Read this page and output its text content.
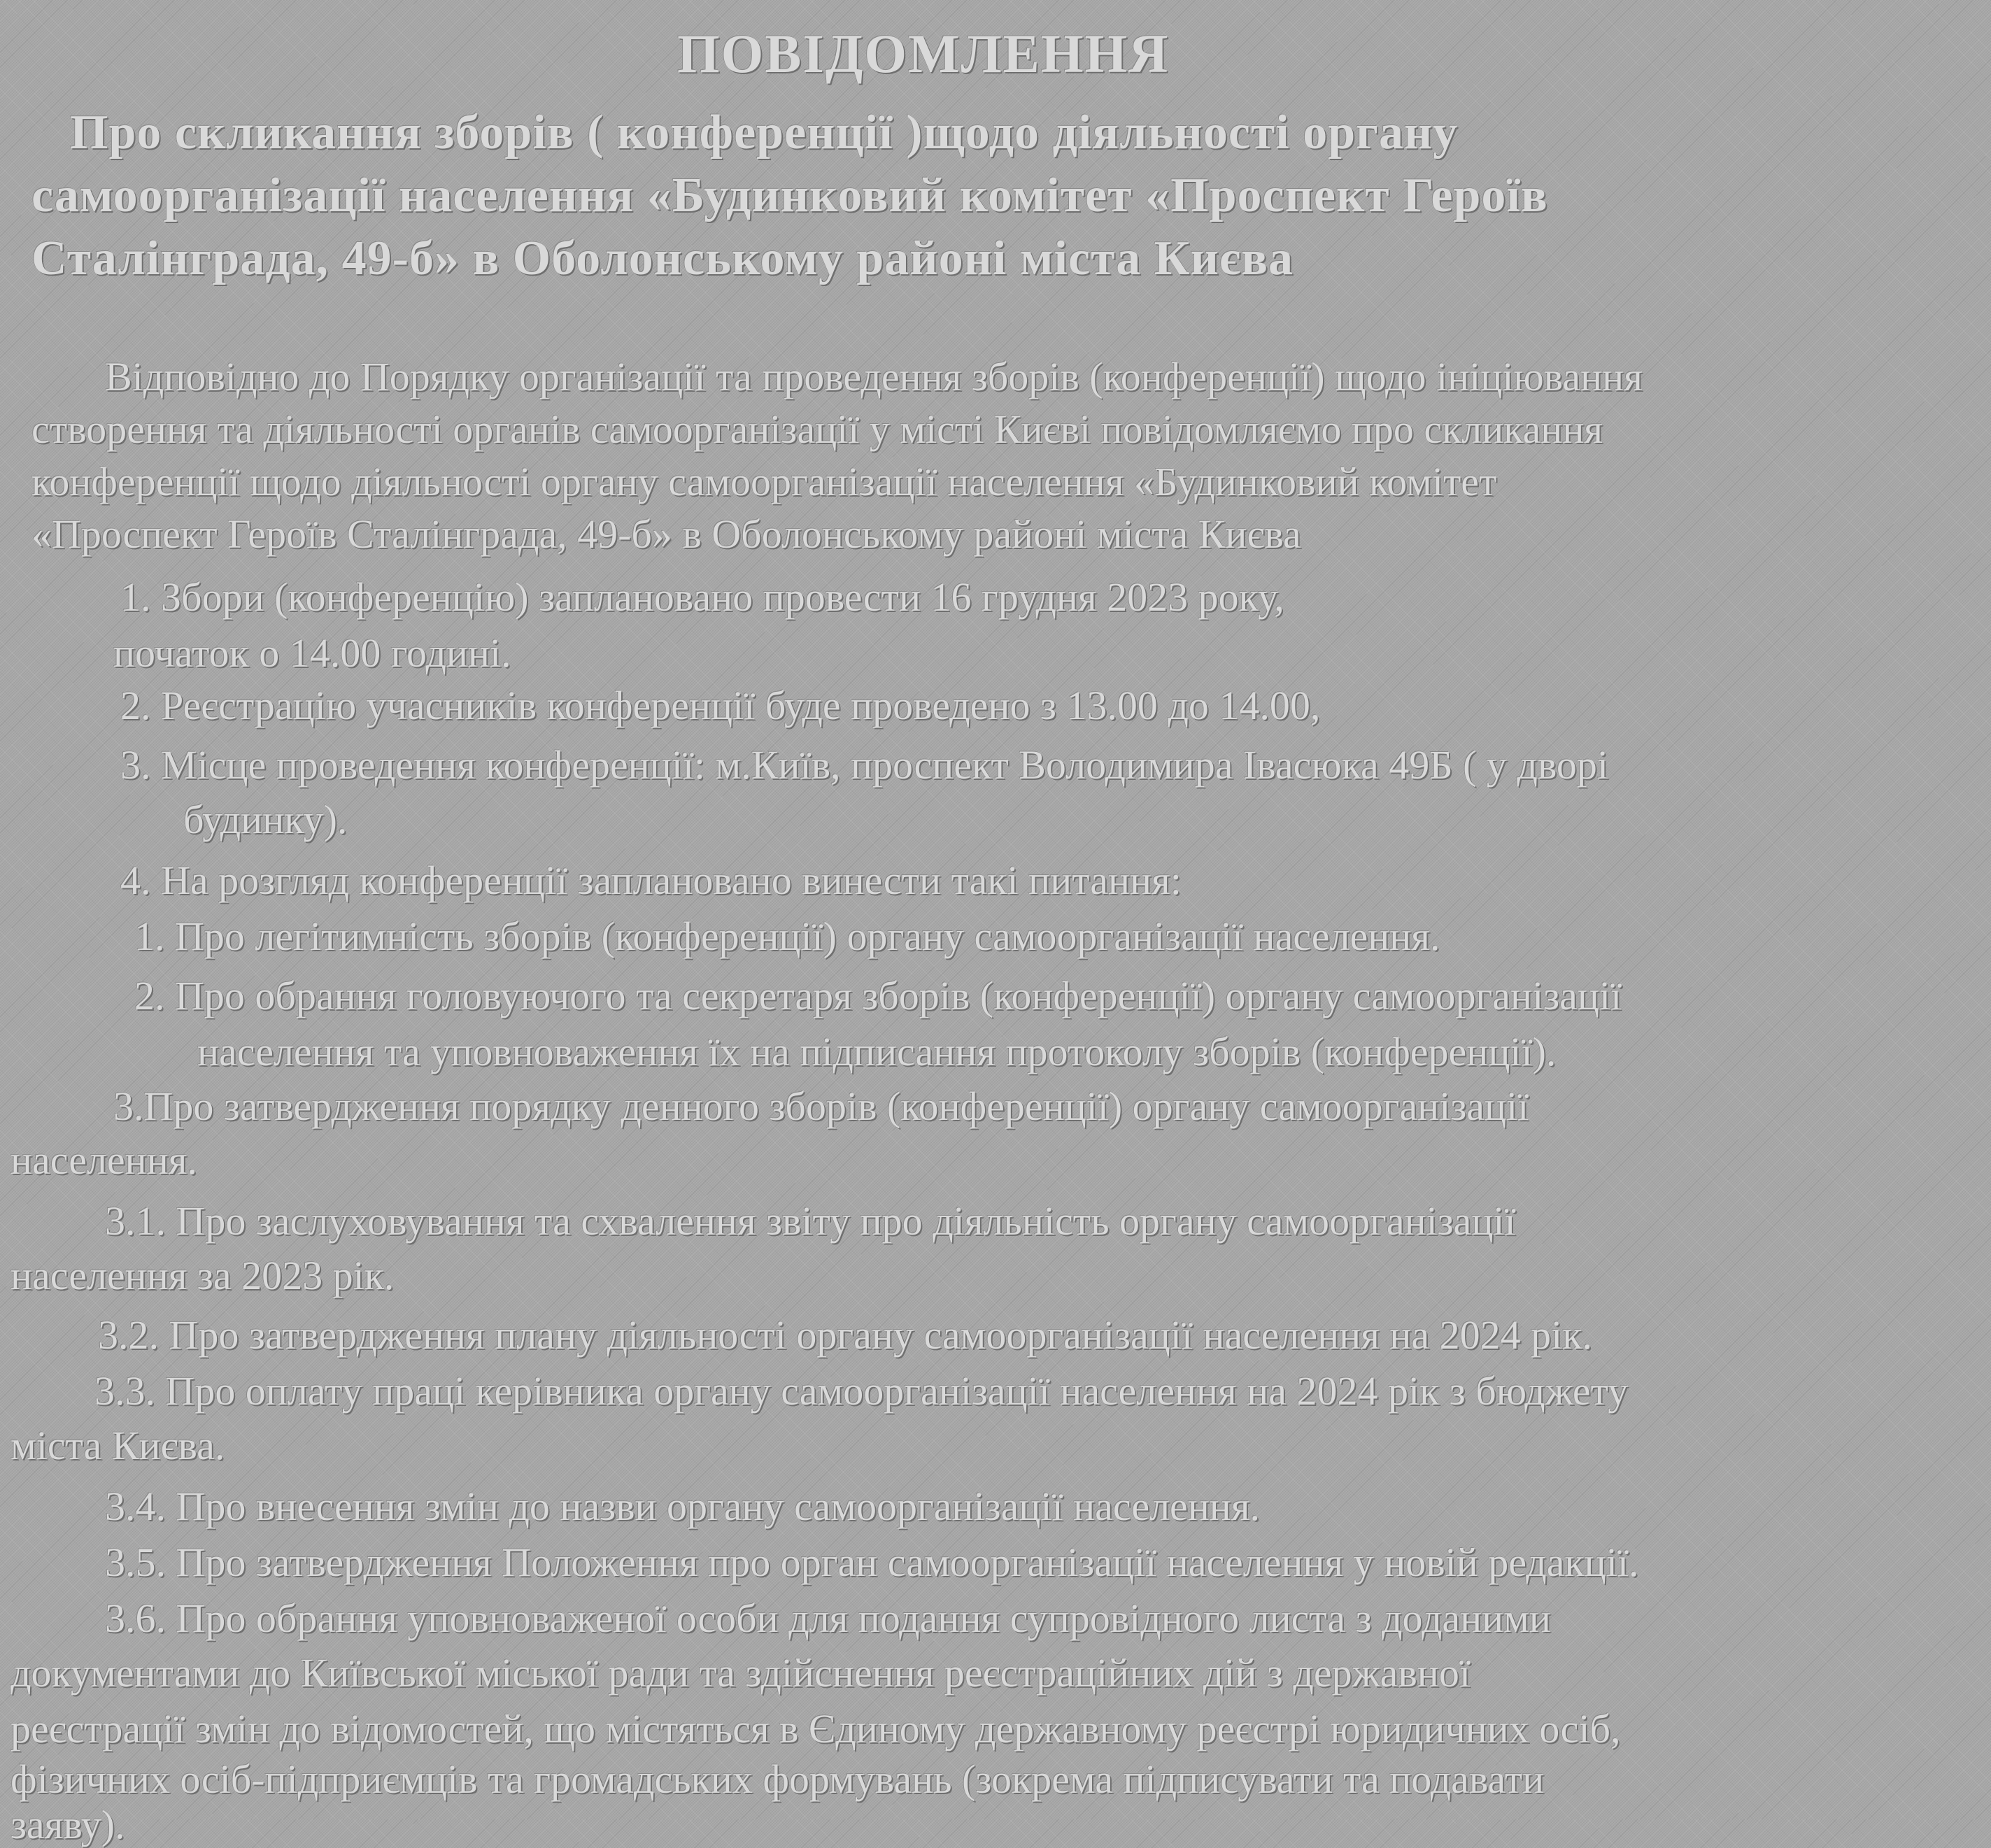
ПОВІДОМЛЕННЯ

Про скликання зборів ( конференції )щодо діяльності органу

самоорганізації населення «Будинковий комітет «Проспект Героїв

Сталінграда, 49-б» в Оболонському районі міста Києва

Відповідно до Порядку організації та проведення зборів (конференції) щодо ініціювання

створення та діяльності органів самоорганізації у місті Києві повідомляємо про скликання

конференції щодо діяльності органу самоорганізації населення «Будинковий комітет

«Проспект Героїв Сталінграда, 49-б» в Оболонському районі міста Києва

1. Збори (конференцію) заплановано провести 16 грудня 2023 року,

початок о 14.00 годині.

2. Реєстрацію учасників конференції буде проведено з 13.00 до 14.00,

3. Місце проведення конференції: м.Київ, проспект Володимира Івасюка 49Б ( у дворі

будинку).

4. На розгляд конференції заплановано винести такі питання:

1. Про легітимність зборів (конференції) органу самоорганізації населення.

2. Про обрання головуючого та секретаря зборів (конференції) органу самоорганізації

населення та уповноваження їх на підписання протоколу зборів (конференції).

3.Про затвердження порядку денного зборів (конференції) органу самоорганізації

населення.

3.1. Про заслуховування та схвалення звіту про діяльність органу самоорганізації

населення за 2023 рік.

3.2. Про затвердження плану діяльності органу самоорганізації населення на 2024 рік.

3.3. Про оплату праці керівника органу самоорганізації населення на 2024 рік з бюджету

міста Києва.

3.4. Про внесення змін до назви органу самоорганізації населення.

3.5. Про затвердження Положення про орган самоорганізації населення у новій редакції.

3.6. Про обрання уповноваженої особи для подання супровідного листа з доданими

документами до Київської міської ради та здійснення реєстраційних дій з державної

реєстрації змін до відомостей, що містяться в Єдиному державному реєстрі юридичних осіб,

фізичних осіб-підприємців та громадських формувань (зокрема підписувати та подавати

заяву).
